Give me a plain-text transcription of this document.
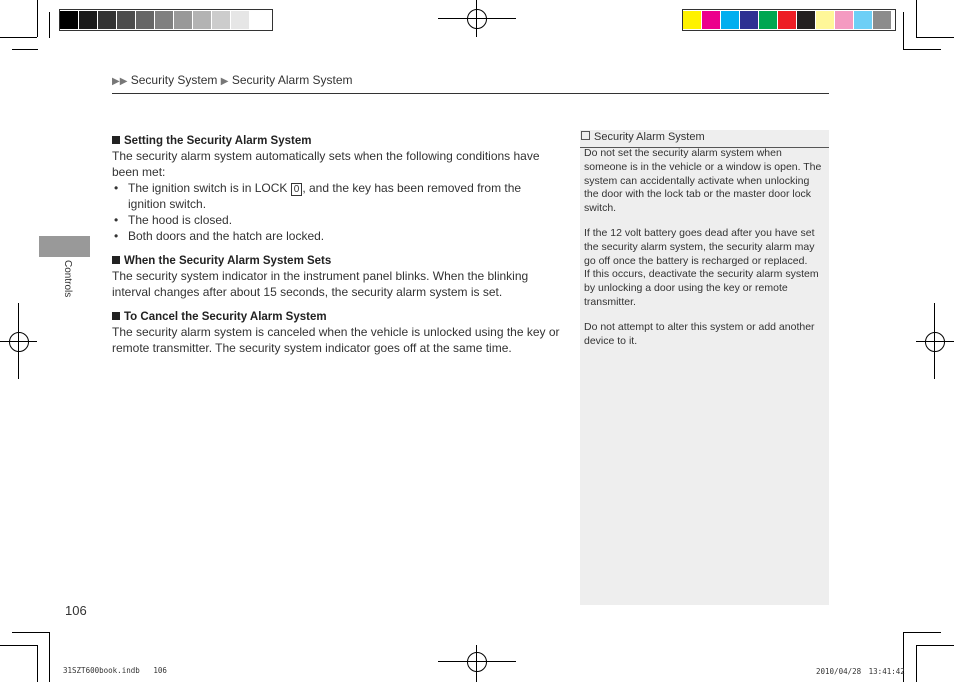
▶▶ Security System ▶ Security Alarm System
Controls
Setting the Security Alarm System
The security alarm system automatically sets when the following conditions have
been met:
• The ignition switch is in LOCK 0 , and the key has been removed from the
ignition switch.
• The hood is closed.
• Both doors and the hatch are locked.
When the Security Alarm System Sets
The security system indicator in the instrument panel blinks. When the blinking
interval changes after about 15 seconds, the security alarm system is set.
To Cancel the Security Alarm System
The security alarm system is canceled when the vehicle is unlocked using the key or
remote transmitter. The security system indicator goes off at the same time.
Security Alarm System
Do not set the security alarm system when
someone is in the vehicle or a window is open. The
system can accidentally activate when unlocking
the door with the lock tab or the master door lock
switch.
If the 12 volt battery goes dead after you have set
the security alarm system, the security alarm may
go off once the battery is recharged or replaced.
If this occurs, deactivate the security alarm system
by unlocking a door using the key or remote
transmitter.
Do not attempt to alter this system or add another
device to it.
106
31SZT600book.indb 106	2010/04/28　13:41:42
